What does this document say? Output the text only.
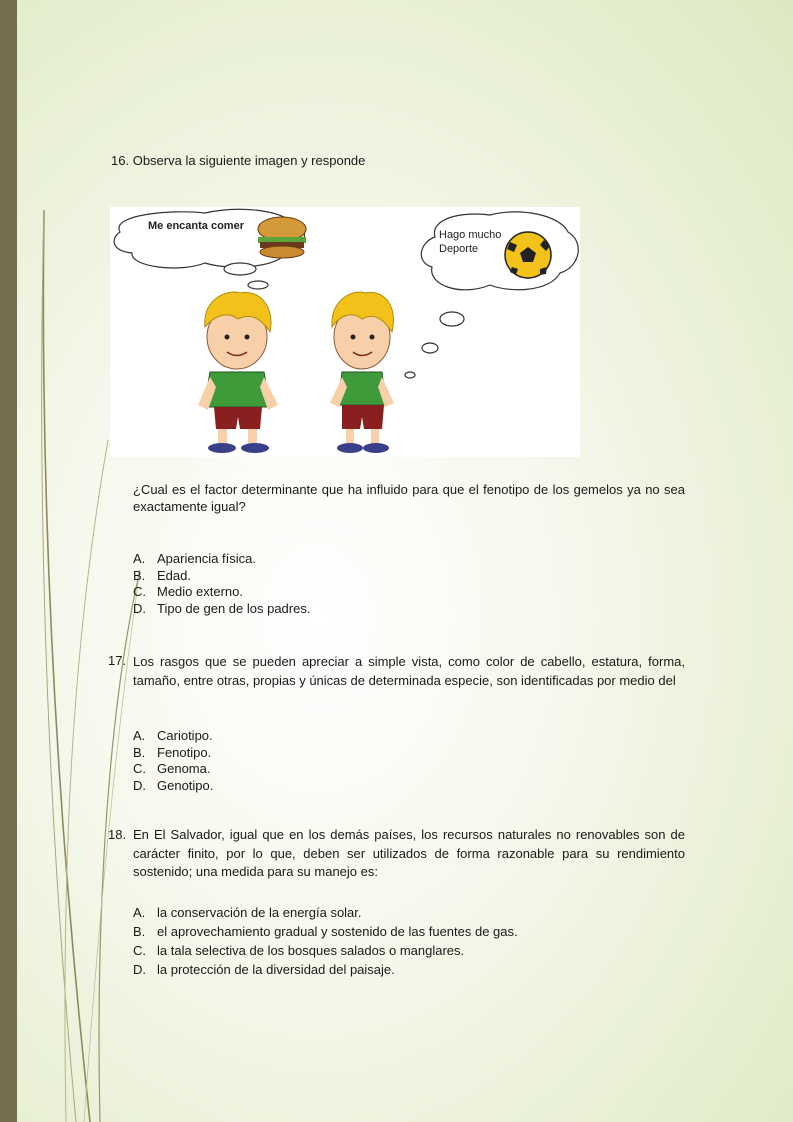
16. Observa la siguiente imagen y responde
Me encanta comer
Hago mucho
Deporte
¿Cual es el factor determinante que ha influido para que el fenotipo de los gemelos ya no sea exactamente igual?
A. Apariencia física.
B. Edad.
C. Medio externo.
D. Tipo de gen de los padres.
17. Los rasgos que se pueden apreciar a simple vista, como color de cabello, estatura, forma, tamaño, entre otras, propias y únicas de determinada especie, son identificadas por medio del
A. Cariotipo.
B. Fenotipo.
C. Genoma.
D. Genotipo.
18. En El Salvador, igual que en los demás países, los recursos naturales no renovables son de carácter finito, por lo que, deben ser utilizados de forma razonable para su rendimiento sostenido; una medida para su manejo es:
A. la conservación de la energía solar.
B. el aprovechamiento gradual y sostenido de las fuentes de gas.
C. la tala selectiva de los bosques salados o manglares.
D. la protección de la diversidad del paisaje.
